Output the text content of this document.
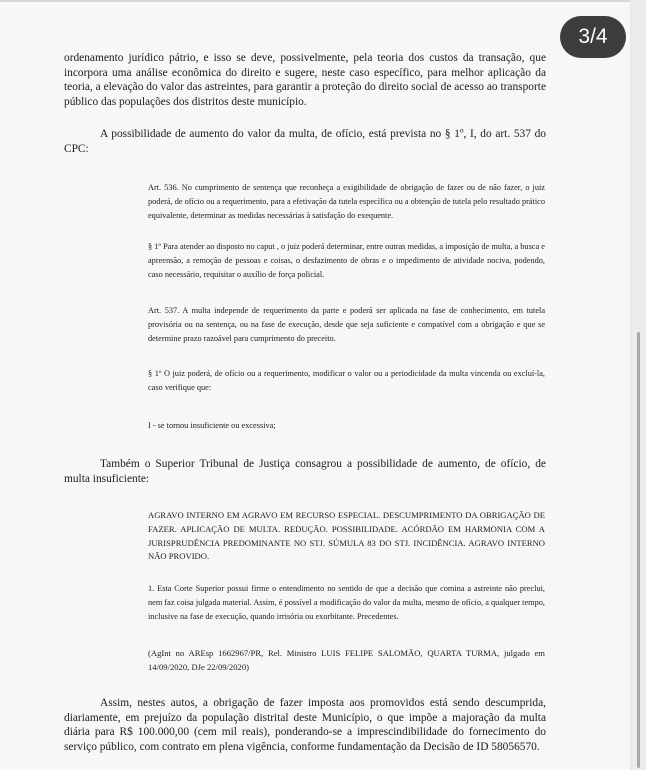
ordenamento jurídico pátrio, e isso se deve, possivelmente, pela teoria dos custos da transação, que incorpora uma análise econômica do direito e sugere, neste caso específico, para melhor aplicação da teoria, a elevação do valor das astreintes, para garantir a proteção do direito social de acesso ao transporte público das populações dos distritos deste município.

A possibilidade de aumento do valor da multa, de ofício, está prevista no § 1º, I, do art. 537 do CPC:

Art. 536. No cumprimento de sentença que reconheça a exigibilidade de obrigação de fazer ou de não fazer, o juiz poderá, de ofício ou a requerimento, para a efetivação da tutela específica ou a obtenção de tutela pelo resultado prático equivalente, determinar as medidas necessárias à satisfação do exequente.

§ 1º Para atender ao disposto no caput , o juiz poderá determinar, entre outras medidas, a imposição de multa, a busca e apreensão, a remoção de pessoas e coisas, o desfazimento de obras e o impedimento de atividade nociva, podendo, caso necessário, requisitar o auxílio de força policial.

Art. 537. A multa independe de requerimento da parte e poderá ser aplicada na fase de conhecimento, em tutela provisória ou na sentença, ou na fase de execução, desde que seja suficiente e compatível com a obrigação e que se determine prazo razoável para cumprimento do preceito.

§ 1º O juiz poderá, de ofício ou a requerimento, modificar o valor ou a periodicidade da multa vincenda ou excluí-la, caso verifique que:

I - se tornou insuficiente ou excessiva;

Também o Superior Tribunal de Justiça consagrou a possibilidade de aumento, de ofício, de multa insuficiente:

AGRAVO INTERNO EM AGRAVO EM RECURSO ESPECIAL. DESCUMPRIMENTO DA OBRIGAÇÃO DE FAZER. APLICAÇÃO DE MULTA. REDUÇÃO. POSSIBILIDADE. ACÓRDÃO EM HARMONIA COM A JURISPRUDÊNCIA PREDOMINANTE NO STJ. SÚMULA 83 DO STJ. INCIDÊNCIA. AGRAVO INTERNO NÃO PROVIDO.

1. Esta Corte Superior possui firme o entendimento no sentido de que a decisão que comina a astreinte não preclui, nem faz coisa julgada material. Assim, é possível a modificação do valor da multa, mesmo de ofício, a qualquer tempo, inclusive na fase de execução, quando irrisória ou exorbitante. Precedentes.

(AgInt no AREsp 1662967/PR, Rel. Ministro LUIS FELIPE SALOMÃO, QUARTA TURMA, julgado em 14/09/2020, DJe 22/09/2020)

Assim, nestes autos, a obrigação de fazer imposta aos promovidos está sendo descumprida, diariamente, em prejuízo da população distrital deste Município, o que impõe a majoração da multa diária para R$ 100.000,00 (cem mil reais), ponderando-se a imprescindibilidade do fornecimento do serviço público, com contrato em plena vigência, conforme fundamentação da Decisão de ID 58056570.

3/4
